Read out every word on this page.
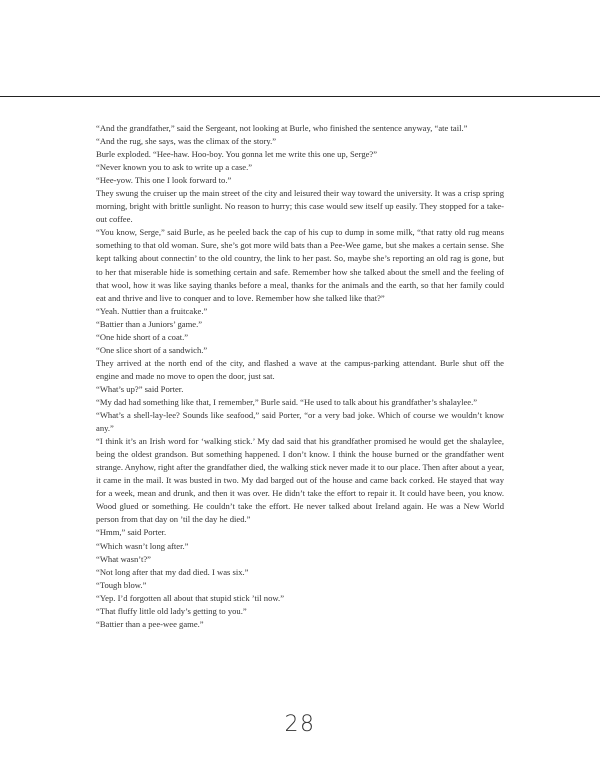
“And the grandfather,” said the Sergeant, not looking at Burle, who finished the sentence anyway, “ate tail.”

“And the rug, she says, was the climax of the story.”

Burle exploded. “Hee-haw. Hoo-boy. You gonna let me write this one up, Serge?”

“Never known you to ask to write up a case.”

“Hee-yow. This one I look forward to.”

They swung the cruiser up the main street of the city and leisured their way toward the university. It was a crisp spring morning, bright with brittle sunlight. No reason to hurry; this case would sew itself up easily. They stopped for a take-out coffee.

“You know, Serge,” said Burle, as he peeled back the cap of his cup to dump in some milk, “that ratty old rug means something to that old woman. Sure, she’s got more wild bats than a Pee-Wee game, but she makes a certain sense. She kept talking about connectin’ to the old country, the link to her past. So, maybe she’s reporting an old rag is gone, but to her that miserable hide is something certain and safe. Remember how she talked about the smell and the feeling of that wool, how it was like saying thanks before a meal, thanks for the animals and the earth, so that her family could eat and thrive and live to conquer and to love. Remember how she talked like that?”

“Yeah. Nuttier than a fruitcake.”

“Battier than a Juniors’ game.”

“One hide short of a coat.”

“One slice short of a sandwich.”

They arrived at the north end of the city, and flashed a wave at the campus-parking attendant. Burle shut off the engine and made no move to open the door, just sat.

“What’s up?” said Porter.

“My dad had something like that, I remember,” Burle said. “He used to talk about his grandfather’s shalaylee.”

“What’s a shell-lay-lee? Sounds like seafood,” said Porter, “or a very bad joke. Which of course we wouldn’t know any.”

“I think it’s an Irish word for ‘walking stick.’ My dad said that his grandfather promised he would get the shalaylee, being the oldest grandson. But something happened. I don’t know. I think the house burned or the grandfather went strange. Anyhow, right after the grandfather died, the walking stick never made it to our place. Then after about a year, it came in the mail. It was busted in two. My dad barged out of the house and came back corked. He stayed that way for a week, mean and drunk, and then it was over. He didn’t take the effort to repair it. It could have been, you know. Wood glued or something. He couldn’t take the effort. He never talked about Ireland again. He was a New World person from that day on ’til the day he died.”

“Hmm,” said Porter.

“Which wasn’t long after.”

“What wasn’t?”

“Not long after that my dad died. I was six.”

“Tough blow.”

“Yep. I’d forgotten all about that stupid stick ’til now.”

“That fluffy little old lady’s getting to you.”

“Battier than a pee-wee game.”

28
